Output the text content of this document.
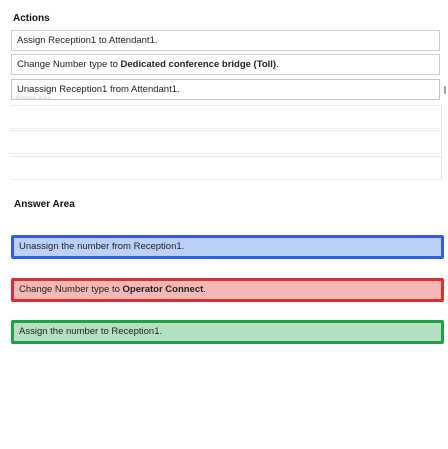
Actions
Assign Reception1 to Attendant1.
Change Number type to Dedicated conference bridge (Toll).
Unassign Reception1 from Attendant1.
Answer Area
Answer Area
Unassign the number from Reception1.
Change Number type to Operator Connect.
Assign the number to Reception1.
